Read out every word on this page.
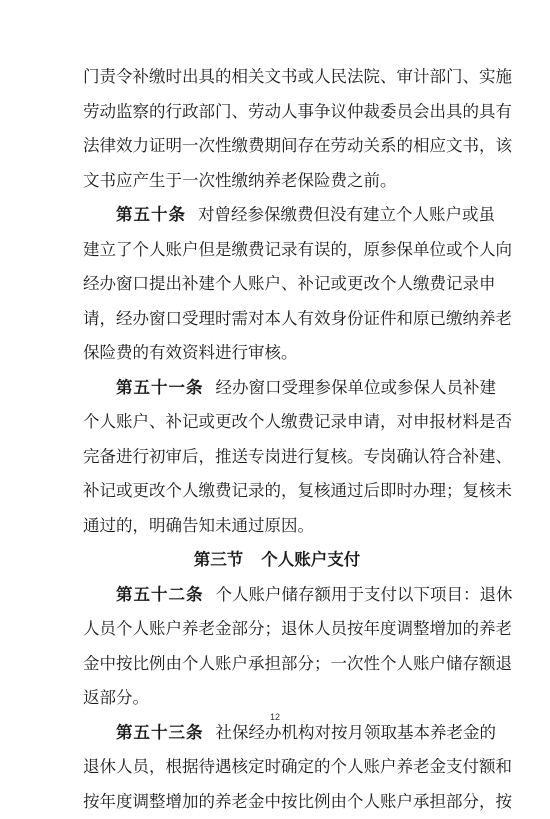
门责令补缴时出具的相关文书或人民法院、审计部门、实施
劳动监察的行政部门、劳动人事争议仲裁委员会出具的具有
法律效力证明一次性缴费期间存在劳动关系的相应文书，该
文书应产生于一次性缴纳养老保险费之前。
第五十条 对曾经参保缴费但没有建立个人账户或虽
建立了个人账户但是缴费记录有误的，原参保单位或个人向
经办窗口提出补建个人账户、补记或更改个人缴费记录申
请，经办窗口受理时需对本人有效身份证件和原已缴纳养老
保险费的有效资料进行审核。
第五十一条 经办窗口受理参保单位或参保人员补建
个人账户、补记或更改个人缴费记录申请，对申报材料是否
完备进行初审后，推送专岗进行复核。专岗确认符合补建、
补记或更改个人缴费记录的，复核通过后即时办理；复核未
通过的，明确告知未通过原因。
第三节 个人账户支付
第五十二条 个人账户储存额用于支付以下项目：退休
人员个人账户养老金部分；退休人员按年度调整增加的养老
金中按比例由个人账户承担部分；一次性个人账户储存额退
返部分。
第五十三条 社保经办机构对按月领取基本养老金的
退休人员，根据待遇核定时确定的个人账户养老金支付额和
按年度调整增加的养老金中按比例由个人账户承担部分，按
12
